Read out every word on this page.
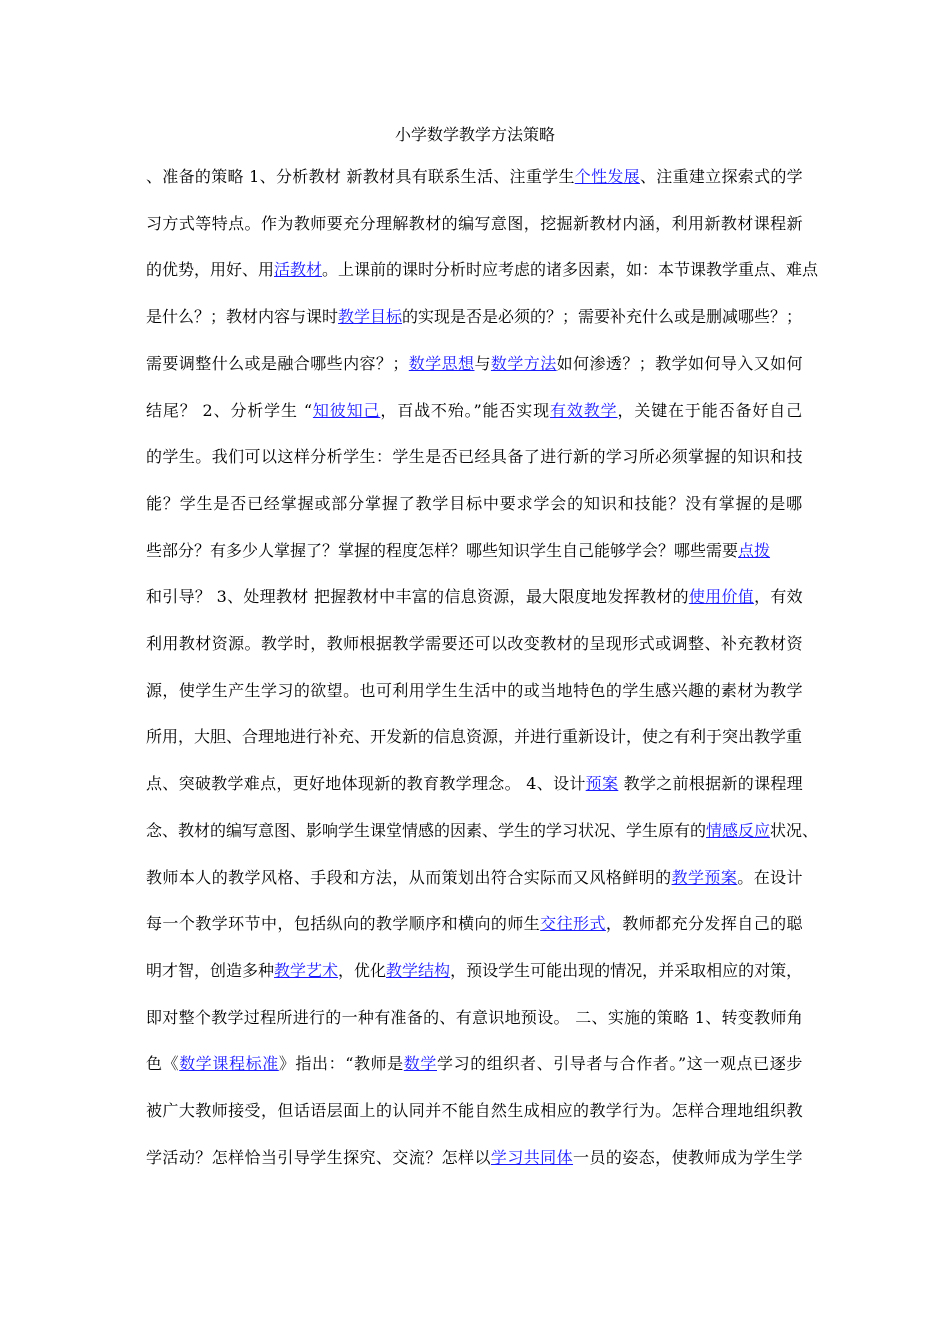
小学数学教学方法策略
、准备的策略 1、分析教材 新教材具有联系生活、注重学生个性发展、注重建立探索式的学
习方式等特点。作为教师要充分理解教材的编写意图，挖掘新教材内涵，利用新教材课程新
的优势，用好、用活教材。上课前的课时分析时应考虑的诸多因素，如：本节课教学重点、难点
是什么？；教材内容与课时教学目标的实现是否是必须的？；需要补充什么或是删减哪些？；
需要调整什么或是融合哪些内容？；数学思想与数学方法如何渗透？；教学如何导入又如何
结尾？ 2、分析学生 “知彼知己，百战不殆。”能否实现有效教学，关键在于能否备好自己
的学生。我们可以这样分析学生：学生是否已经具备了进行新的学习所必须掌握的知识和技
能？学生是否已经掌握或部分掌握了教学目标中要求学会的知识和技能？没有掌握的是哪
些部分？有多少人掌握了？掌握的程度怎样？哪些知识学生自己能够学会？哪些需要点拨
和引导？ 3、处理教材 把握教材中丰富的信息资源，最大限度地发挥教材的使用价值，有效
利用教材资源。教学时，教师根据教学需要还可以改变教材的呈现形式或调整、补充教材资
源，使学生产生学习的欲望。也可利用学生生活中的或当地特色的学生感兴趣的素材为教学
所用，大胆、合理地进行补充、开发新的信息资源，并进行重新设计，使之有利于突出教学重
点、突破教学难点，更好地体现新的教育教学理念。 4、设计预案 教学之前根据新的课程理
念、教材的编写意图、影响学生课堂情感的因素、学生的学习状况、学生原有的情感反应状况、
教师本人的教学风格、手段和方法，从而策划出符合实际而又风格鲜明的教学预案。在设计
每一个教学环节中，包括纵向的教学顺序和横向的师生交往形式，教师都充分发挥自己的聪
明才智，创造多种教学艺术，优化教学结构，预设学生可能出现的情况，并采取相应的对策，
即对整个教学过程所进行的一种有准备的、有意识地预设。 二、实施的策略 1、转变教师角
色《数学课程标准》指出：“教师是数学学习的组织者、引导者与合作者。”这一观点已逐步
被广大教师接受，但话语层面上的认同并不能自然生成相应的教学行为。怎样合理地组织教
学活动？怎样恰当引导学生探究、交流？怎样以学习共同体一员的姿态，使教师成为学生学
